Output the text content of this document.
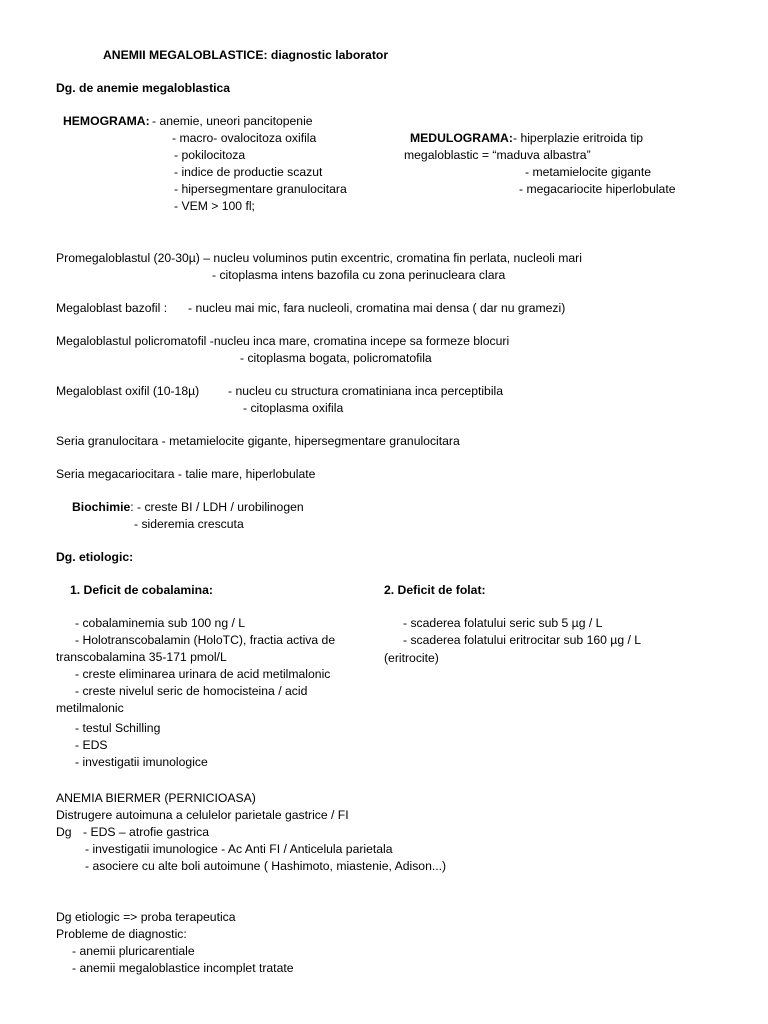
ANEMII MEGALOBLASTICE: diagnostic laborator
Dg. de anemie megaloblastica
HEMOGRAMA: - anemie, uneori pancitopenie
- macro- ovalocitoza oxifila
- pokilocitoza
- indice de productie scazut
- hipersegmentare granulocitara
- VEM > 100 fl;
MEDULOGRAMA: - hiperplazie eritroida tip
megaloblastic = “maduva albastra”
- metamielocite gigante
- megacariocite hiperlobulate
Promegaloblastul (20-30µ) – nucleu voluminos putin excentric, cromatina fin perlata, nucleoli mari
- citoplasma intens bazofila cu zona perinucleara clara
Megaloblast bazofil : - nucleu mai mic, fara nucleoli, cromatina mai densa ( dar nu gramezi)
Megaloblastul policromatofil -nucleu inca mare, cromatina incepe sa formeze blocuri
- citoplasma bogata, policromatofila
Megaloblast oxifil (10-18µ) - nucleu cu structura cromatiniana inca perceptibila
- citoplasma oxifila
Seria granulocitara - metamielocite gigante, hipersegmentare granulocitara
Seria megacariocitara - talie mare, hiperlobulate
Biochimie: - creste BI / LDH / urobilinogen
- sideremia crescuta
Dg. etiologic:
1. Deficit de cobalamina:	2. Deficit de folat:
- cobalaminemia sub 100 ng / L
- Holotranscobalamin (HoloTC), fractia activa de
transcobalamina 35-171 pmol/L
- creste eliminarea urinara de acid metilmalonic
- creste nivelul seric de homocisteina / acid
metilmalonic
- testul Schilling
- EDS
- investigatii imunologice
- scaderea folatului seric sub 5 µg / L
- scaderea folatului eritrocitar sub 160 µg / L
(eritrocite)
ANEMIA BIERMER (PERNICIOASA)
Distrugere autoimuna a celulelor parietale gastrice / FI
Dg - EDS – atrofie gastrica
- investigatii imunologice - Ac Anti FI / Anticelula parietala
- asociere cu alte boli autoimune ( Hashimoto, miastenie, Adison...)
Dg etiologic => proba terapeutica
Probleme de diagnostic:
- anemii pluricarentiale
- anemii megaloblastice incomplet tratate
